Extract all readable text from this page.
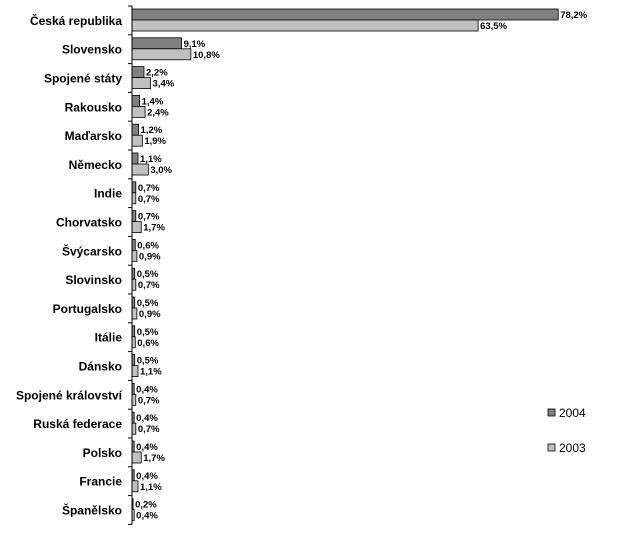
Česká republika	78,2%
63,5%
Slovensko	9,1%
10,8%
Spojené státy	2,2%
3,4%
Rakousko 1,4%
2,4%
Maďarsko 1,2%
1,9%
Německo 1,1%
3,0%
Indie 0,7%
0,7%
Chorvatsko 0,7%
1,7%
Švýcarsko 0,6%
0,9%
Slovinsko 0,5%
0,7%
Portugalsko 0,5%
0,9%
Itálie 0,5%
0,6%
Dánsko 0,5%
1,1%
Spojené království 0,4%
0,7%
Ruská federace 0,4%
0,7%
Polsko 0,4%
1,7%
Francie 0,4%
1,1%
Španělsko 0,2%
0,4%
2004
2003
